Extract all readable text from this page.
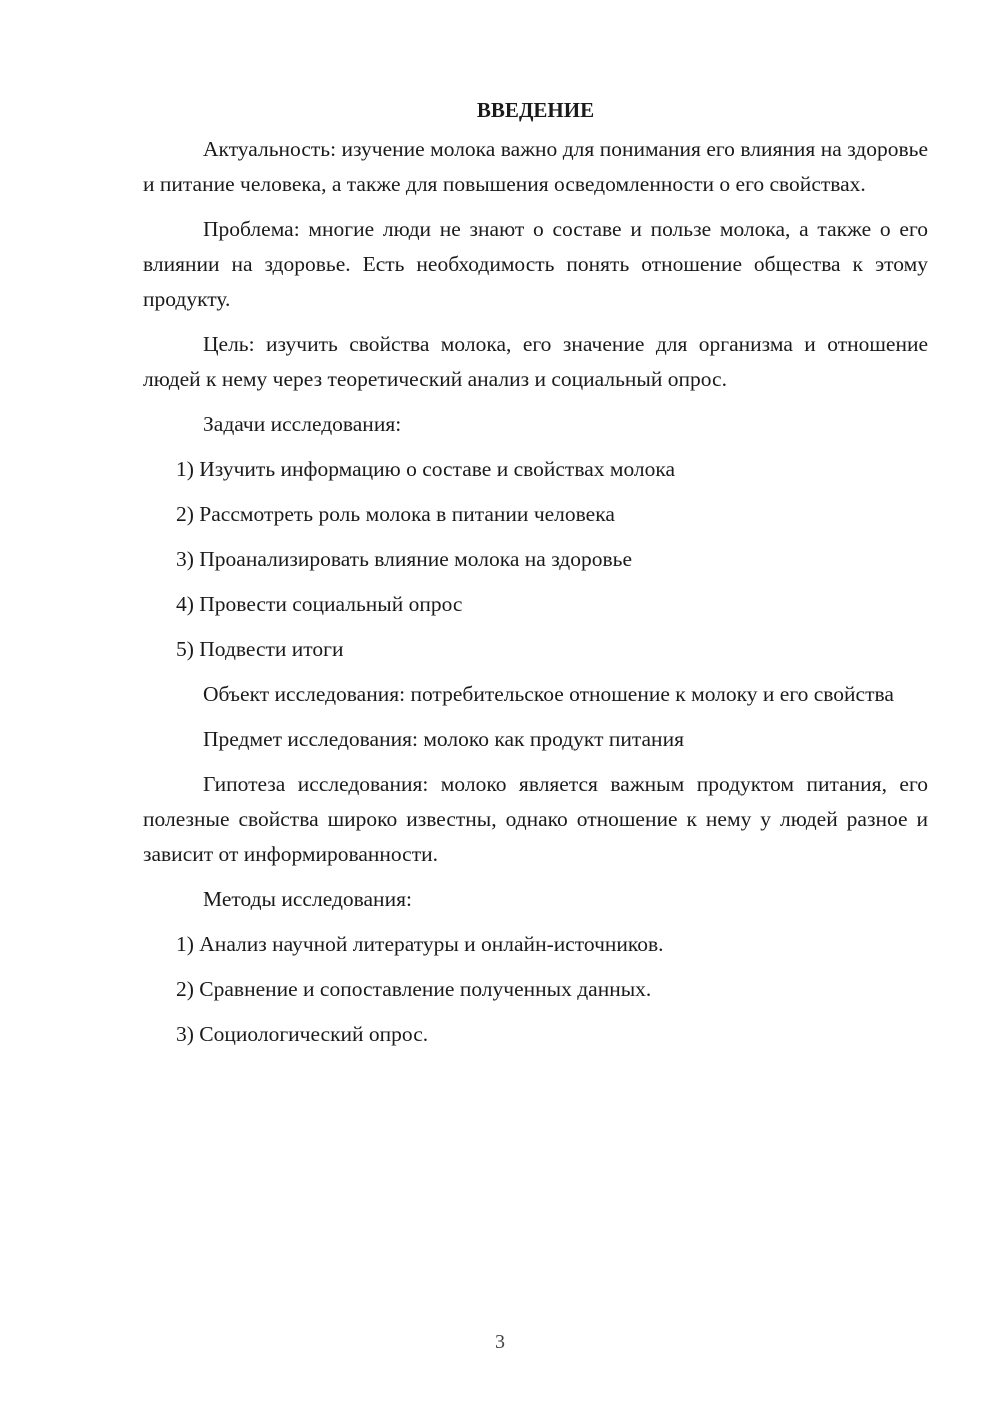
ВВЕДЕНИЕ

Актуальность: изучение молока важно для понимания его влияния на здоровье и питание человека, а также для повышения осведомленности о его свойствах.

Проблема: многие люди не знают о составе и пользе молока, а также о его влиянии на здоровье. Есть необходимость понять отношение общества к этому продукту.

Цель: изучить свойства молока, его значение для организма и отношение людей к нему через теоретический анализ и социальный опрос.

Задачи исследования:

1) Изучить информацию о составе и свойствах молока
2) Рассмотреть роль молока в питании человека
3) Проанализировать влияние молока на здоровье
4) Провести социальный опрос
5) Подвести итоги

Объект исследования: потребительское отношение к молоку и его свойства

Предмет исследования: молоко как продукт питания

Гипотеза исследования: молоко является важным продуктом питания, его полезные свойства широко известны, однако отношение к нему у людей разное и зависит от информированности.

Методы исследования:

1) Анализ научной литературы и онлайн-источников.
2) Сравнение и сопоставление полученных данных.
3) Социологический опрос.
3
